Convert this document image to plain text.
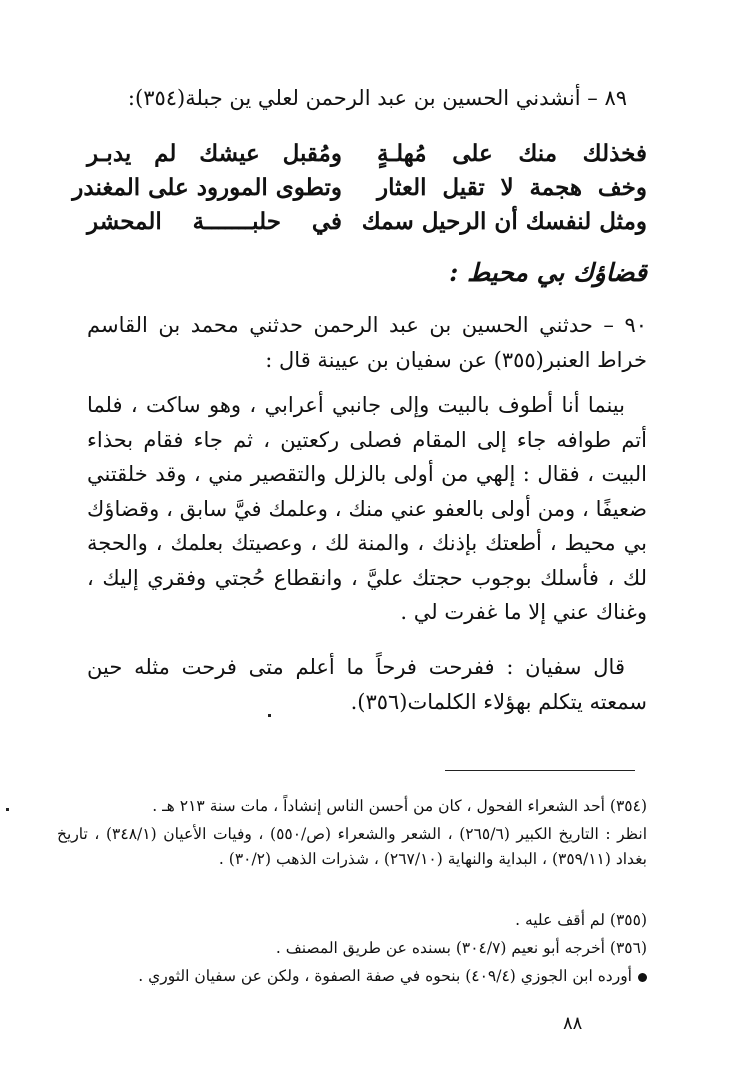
٨٩ – أنشدني الحسين بن عبد الرحمن لعلي ين جبلة(٣٥٤):
فخذلك منك على مُهلـةٍ
ومُقبل عيشك لم يدبـر
وخف هجمة لا تقيل العثار
وتطوى المورود على المغندر
ومثل لنفسك أن الرحيل سمك
في حلبـــــــة المحشر
قضاؤك بي محيط :
٩٠ – حدثني الحسين بن عبد الرحمن حدثني محمد بن القاسم خراط العنبر(٣٥٥) عن سفيان بن عيينة قال :
بينما أنا أطوف بالبيت وإلى جانبي أعرابي ، وهو ساكت ، فلما أتم طوافه جاء إلى المقام فصلى ركعتين ، ثم جاء فقام بحذاء البيت ، فقال : إلهي من أولى بالزلل والتقصير مني ، وقد خلقتني ضعيفًا ، ومن أولى بالعفو عني منك ، وعلمك فيَّ سابق ، وقضاؤك بي محيط ، أطعتك بإذنك ، والمنة لك ، وعصيتك بعلمك ، والحجة لك ، فأسلك بوجوب حجتك عليَّ ، وانقطاع حُجتي وفقري إليك ، وغناك عني إلا ما غفرت لي .
قال سفيان : ففرحت فرحاً ما أعلم متى فرحت مثله حين سمعته يتكلم بهؤلاء الكلمات(٣٥٦).
(٣٥٤) أحد الشعراء الفحول ، كان من أحسن الناس إنشاداً ، مات سنة ٢١٣ هـ .
انظر : التاريخ الكبير (٢٦٥/٦) ، الشعر والشعراء (ص/٥٥٠) ، وفيات الأعيان (٣٤٨/١) ، تاريخ بغداد (٣٥٩/١١) ، البداية والنهاية (٢٦٧/١٠) ، شذرات الذهب (٣٠/٢) .
(٣٥٥) لم أقف عليه .
(٣٥٦) أخرجه أبو نعيم (٣٠٤/٧) بسنده عن طريق المصنف .
أورده ابن الجوزي (٤٠٩/٤) بنحوه في صفة الصفوة ، ولكن عن سفيان الثوري .
٨٨
